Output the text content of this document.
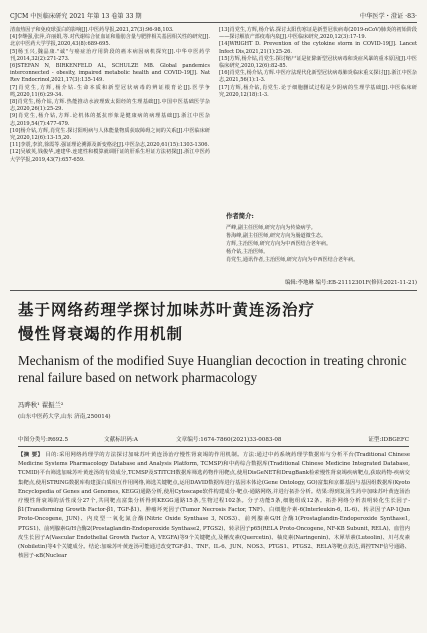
CJCM 中医临床研究 2021 年第 13 卷第 33 期	中华医学・澄证 ·83·

清血热因子和免疫球蛋白的影响[J].中医药导报,2021,27(3):96-98,103.

[4]李继强,张萍,许丽娟,等.对代谢综合征血证和脂肪含量与肥胖相关基因相关性的研究[J].北京中医药大学学报,2020,43(8):689-695.

[5]杨玉兴,魏晶康."诚"与癌症治疗用阶段的癌本病因病机探究[J].中华中医药学刊,2014,32(2):271-273.

[6]STEFAN N, BIRKENFELD AL, SCHULZE MB. Global pandemics interconnected - obesity, impaired metabolic health and COVID-19[J]. Nat Rev Endocrinol,2021,17(3):135-149.

[7]肖党生,方辉,杨介钻.生命本质和新型冠状病毒的辨证根育论[J].医学争鸣,2020,11(6):29-34.

[8]肖党生,杨介钻,方辉.热能推动水液理致太阳经的生理基础[J].中国中医基础医学杂志,2020,26(1):25-29.

[9]肖党生,杨介钻,方辉.论机体的抵抗形象是健康病的病理基础[J].浙江中医杂志,2019,54(7):477-479.

[10]杨介钻,方辉,肖党生.探讨阳明病与人体能量物质获取障碍之间的关系[J].中医临床研究,2020,12(6):13-15,20.

[11]李震,李滨,徐霞等.强证理论溯源及新变格论[J].中医杂志,2020,61(15):1303-1306.

[12]吴敏英,钱俊华,速建华.连建性和模算就调肝证的肝系生坦证方法初探[J].浙江中医药大学学报,2019,43(7):657-659.

[13]肖党生,方辉,杨介钻.探讨太阳伤寒证是新型冠状病毒(2019-nCoV)肺炎的初始阶段——探讨解放产部疫毒内泉[J].中医临床研究,2020,12(3):17-19.

[14]WRIGHT D. Prevention of the cytokine storm in COVID-19[J]. Lancet Infect Dis,2021,21(1):25-26.

[15]方辉,杨介钻,肖党生.探讨缩尸证是征除新型冠状病毒和炎症风暴的重本原因[J].中医临床研究,2020,12(6):82-85.

[16]肖党生,杨介钻,方辉.中医疗法现代化新型冠状病毒肺炎临床重义探讨[J].浙江中医杂志,2021,56(1):1-3.

[17]方辉,杨介钻,肖党生.论于细胞删试过程是少阴病的生理学基础[J].中医临床研究,2020,12(18):1-3.

作者简介:

严峰,副主任医师,研究方向为传染病学。

鲁海峰,副主任医师,研究方向为肠道微生态。

方辉,主治医师,研究方向为中西医结合老年病。

杨介钻,主治医师。

肖党生,通讯作者,主治医师,研究方向为中西医结合老年病。

编辑:李地琳 编号:EB-21112301F(修回:2021-11-21)
基于网络药理学探讨加味苏叶黄连汤治疗
慢性肾衰竭的作用机制
Mechanism of the modified Suye Huanglian decoction in treating chronic
renal failure based on network pharmacology
冯晔秋¹ 翟振兰²
(山东中医药大学,山东 济南,250014)
中图分类号:R692.5	文献标识码:A	文章编号:1674-7860(2021)33-0083-08	证型:IDBGEFC
【摘 要】 目的:采用网络药理学的方法探讨加味苏叶黄连汤治疗慢性肾衰竭的作用机制。方法:通过中药系统药理学数据库与分析平台(Traditional Chinese Medicine Systems Pharmacology Database and Analysis Platform, TCMSP)和中药综合数据库(Traditional Chinese Medicine Integrated Database, TCMID)平台筛选加味苏叶黄连汤的有效成分,TCMSP及STITCH数据库筛选药物作用靶点,使用DisGeNET和DrugBank检索慢性肾衰竭疾病靶点,获取药物-疾病交集靶点,使用STRING数据库构建蛋白质相互作用网络,筛选关键靶点,运用DAVID数据库进行基因本体论(Gene Ontology, GO)富集和京都基因与基因组数据库(Kyoto Encyclopedia of Genes and Genomes, KEGG)通路分析,使用Cytoscape软件构建成分-靶点-通路网络,并进行拓扑分析。结果:得到复汤生药中加味苏叶黄连汤治疗慢性肾衰竭的活性成分27个,共同靶点富集分析得到KEGG通路15条,生物过程102条。分子功能5条,细胞组成12条。拓扑网络分析表明转化生长因子-β1(Transforming Growth Factor-β1, TGF-β1)、肿瘤坏死因子(Tumor Necrosis Factor, TNF)、白细胞介素-6(Interleukin-6, IL-6)、转录因子AP-1(Jun Proto-Oncogene, JUN)、内皮型一氧化氮合酶(Nitric Oxide Synthase 3, NOS3)、前列腺素G/H合酶1(Prostaglandin-Endoperoxide Synthase1, PTGS1)、前列腺素G/H合酶2(Prostaglandin-Endoperoxide Synthase2, PTGS2)、转录因子p65(RELA Proto-Oncogene, NF-KB Subunit, RELA)、血管内皮生长因子A(Vascular Endothelial Growth Factor A, VEGFA)等9个关键靶点,及槲皮素(Quercetin)、柚皮素(Naringenin)、木犀草素(Luteolin)、川芎皮素(Nobiletin)等4个关键成分。结论:加味苏叶黄连汤可能通过改变TGF-β1、TNF、IL-6、JUN、NOS3、PTGS1、PTGS2、RELA等靶点表达,调控TNF信号通路、核因子-κB(Nuclear
